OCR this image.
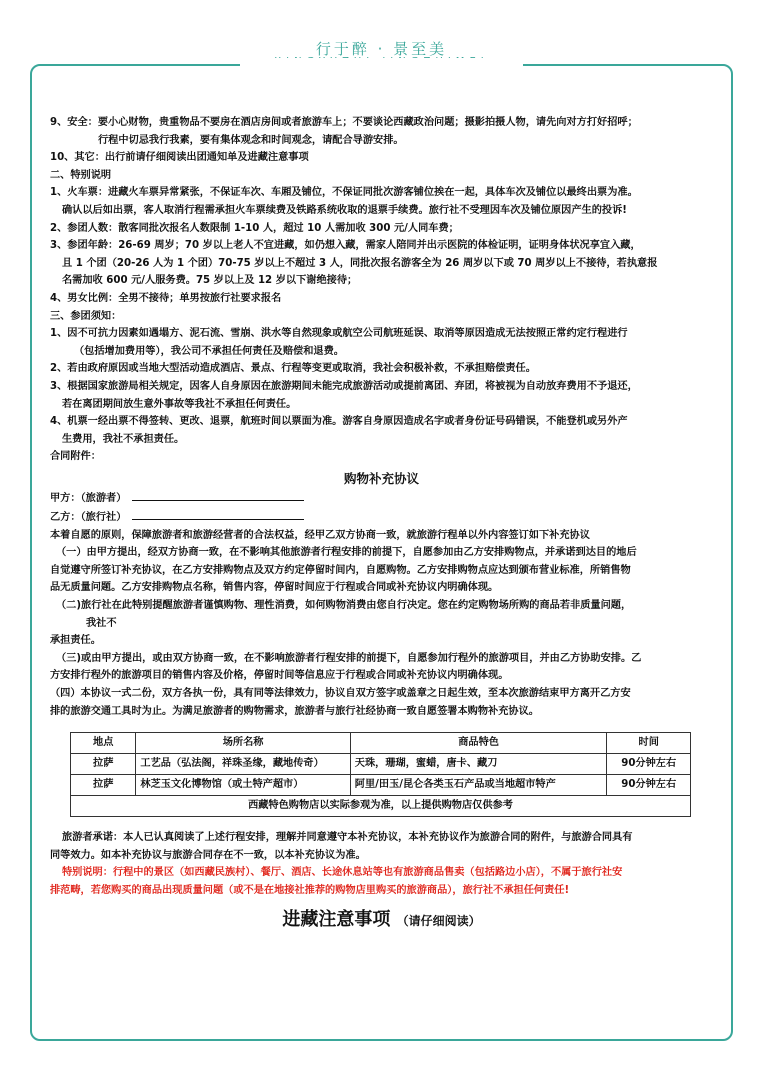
行于醉 · 景至美
9、安全：要小心财物，贵重物品不要房在酒店房间或者旅游车上；不要谈论西藏政治问题；摄影拍摄人物，请先向对方打好招呼；
行程中切忌我行我素，要有集体观念和时间观念，请配合导游安排。
10、其它：出行前请仔细阅读出团通知单及进藏注意事项
二、特别说明
1、火车票：进藏火车票异常紧张，不保证车次、车厢及铺位，不保证同批次游客铺位挨在一起，具体车次及铺位以最终出票为准。
确认以后如出票，客人取消行程需承担火车票续费及铁路系统收取的退票手续费。旅行社不受理因车次及铺位原因产生的投诉!
2、参团人数：散客同批次报名人数限制 1-10 人，超过 10 人需加收 300 元/人同车费；
3、参团年龄：26-69 周岁；70 岁以上老人不宜进藏，如仍想入藏，需家人陪同并出示医院的体检证明，证明身体状况享宜入藏，
且 1 个团（20-26 人为 1 个团）70-75 岁以上不超过 3 人，同批次报名游客全为 26 周岁以下或 70 周岁以上不接待，若执意报
名需加收 600 元/人服务费。75 岁以上及 12 岁以下谢绝接待；
4、男女比例：全男不接待；单男按旅行社要求报名
三、参团须知：
1、因不可抗力因素如遇塌方、泥石流、雪崩、洪水等自然现象或航空公司航班延误、取消等原因造成无法按照正常约定行程进行
（包括增加费用等），我公司不承担任何责任及赔偿和退费。
2、若由政府原因或当地大型活动造成酒店、景点、行程等变更或取消，我社会积极补救，不承担赔偿责任。
3、根据国家旅游局相关规定，因客人自身原因在旅游期间未能完成旅游活动或提前离团、弃团，将被视为自动放弃费用不予退还，
若在离团期间放生意外事故等我社不承担任何责任。
4、机票一经出票不得签转、更改、退票，航班时间以票面为准。游客自身原因造成名字或者身份证号码错误，不能登机或另外产
生费用，我社不承担责任。
合同附件：
购物补充协议
甲方：（旅游者）
乙方：（旅行社）
本着自愿的原则，保障旅游者和旅游经营者的合法权益，经甲乙双方协商一致，就旅游行程单以外内容签订如下补充协议
（一）由甲方提出，经双方协商一致，在不影响其他旅游者行程安排的前提下，自愿参加由乙方安排购物点，并承诺到达目的地后
自觉遵守所签订补充协议，在乙方安排购物点及双方约定停留时间内，自愿购物。乙方安排购物点应达到颁布营业标准，所销售物
品无质量问题。乙方安排购物点名称，销售内容，停留时间应于行程或合同或补充协议内明确体现。
（二)旅行社在此特别提醒旅游者谨慎购物、理性消费，如何购物消费由您自行决定。您在约定购物场所购的商品若非质量问题，
我社不
承担责任。
（三)或由甲方提出，或由双方协商一致，在不影响旅游者行程安排的前提下，自愿参加行程外的旅游项目，并由乙方协助安排。乙
方安排行程外的旅游项目的销售内容及价格，停留时间等信息应于行程或合同或补充协议内明确体现。
（四）本协议一式二份，双方各执一份，具有同等法律效力，协议自双方签字或盖章之日起生效，至本次旅游结束甲方离开乙方安
排的旅游交通工具时为止。为满足旅游者的购物需求，旅游者与旅行社经协商一致自愿签署本购物补充协议。
地点	场所名称	商品特色	时间
拉萨	工艺品（弘法阁，祥珠圣缘，藏地传奇）	天珠，珊瑚，蜜蜡，唐卡、藏刀	90分钟左右
拉萨	林芝玉文化博物馆（或土特产超市）	阿里/田玉/昆仑各类玉石产品或当地超市特产	90分钟左右
西藏特色购物店以实际参观为准，以上提供购物店仅供参考			
旅游者承诺：本人已认真阅读了上述行程安排，理解并同意遵守本补充协议，本补充协议作为旅游合同的附件，与旅游合同具有
同等效力。如本补充协议与旅游合同存在不一致，以本补充协议为准。
特别说明：行程中的景区（如西藏民族村）、餐厅、酒店、长途休息站等也有旅游商品售卖（包括路边小店），不属于旅行社安
排范畴，若您购买的商品出现质量问题（或不是在地接社推荐的购物店里购买的旅游商品），旅行社不承担任何责任!
进藏注意事项 （请仔细阅读）
